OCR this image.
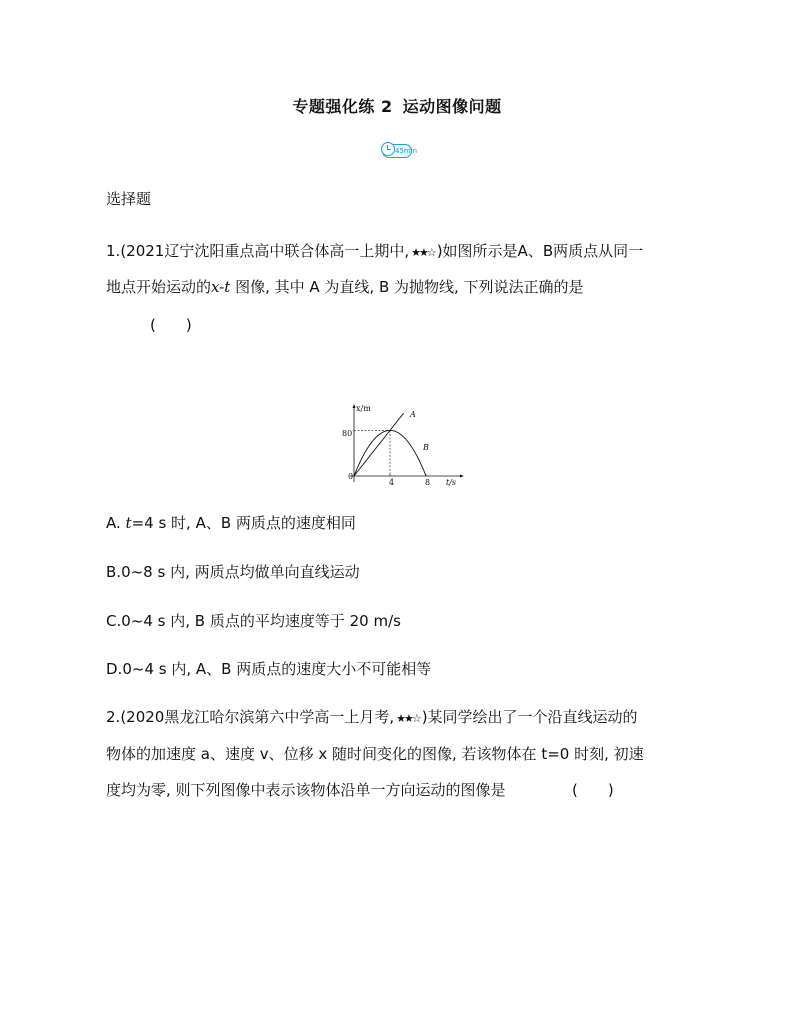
专题强化练 2 运动图像问题
45min
选择题
1.(2021辽宁沈阳重点高中联合体高一上期中, ★★☆ )如图所示是A、B两质点从同一
地点开始运动的x-t 图像, 其中 A 为直线, B 为抛物线, 下列说法正确的是
(　　)
x/m
t/s
0
4	8
80
A
B
A. t=4 s 时, A、B 两质点的速度相同
B.0~8 s 内, 两质点均做单向直线运动
C.0~4 s 内, B 质点的平均速度等于 20 m/s
D.0~4 s 内, A、B 两质点的速度大小不可能相等
2.(2020黑龙江哈尔滨第六中学高一上月考, ★★☆ )某同学绘出了一个沿直线运动的
物体的加速度 a、速度 v、位移 x 随时间变化的图像, 若该物体在 t=0 时刻, 初速
度均为零, 则下列图像中表示该物体沿单一方向运动的图像是	(　　)
